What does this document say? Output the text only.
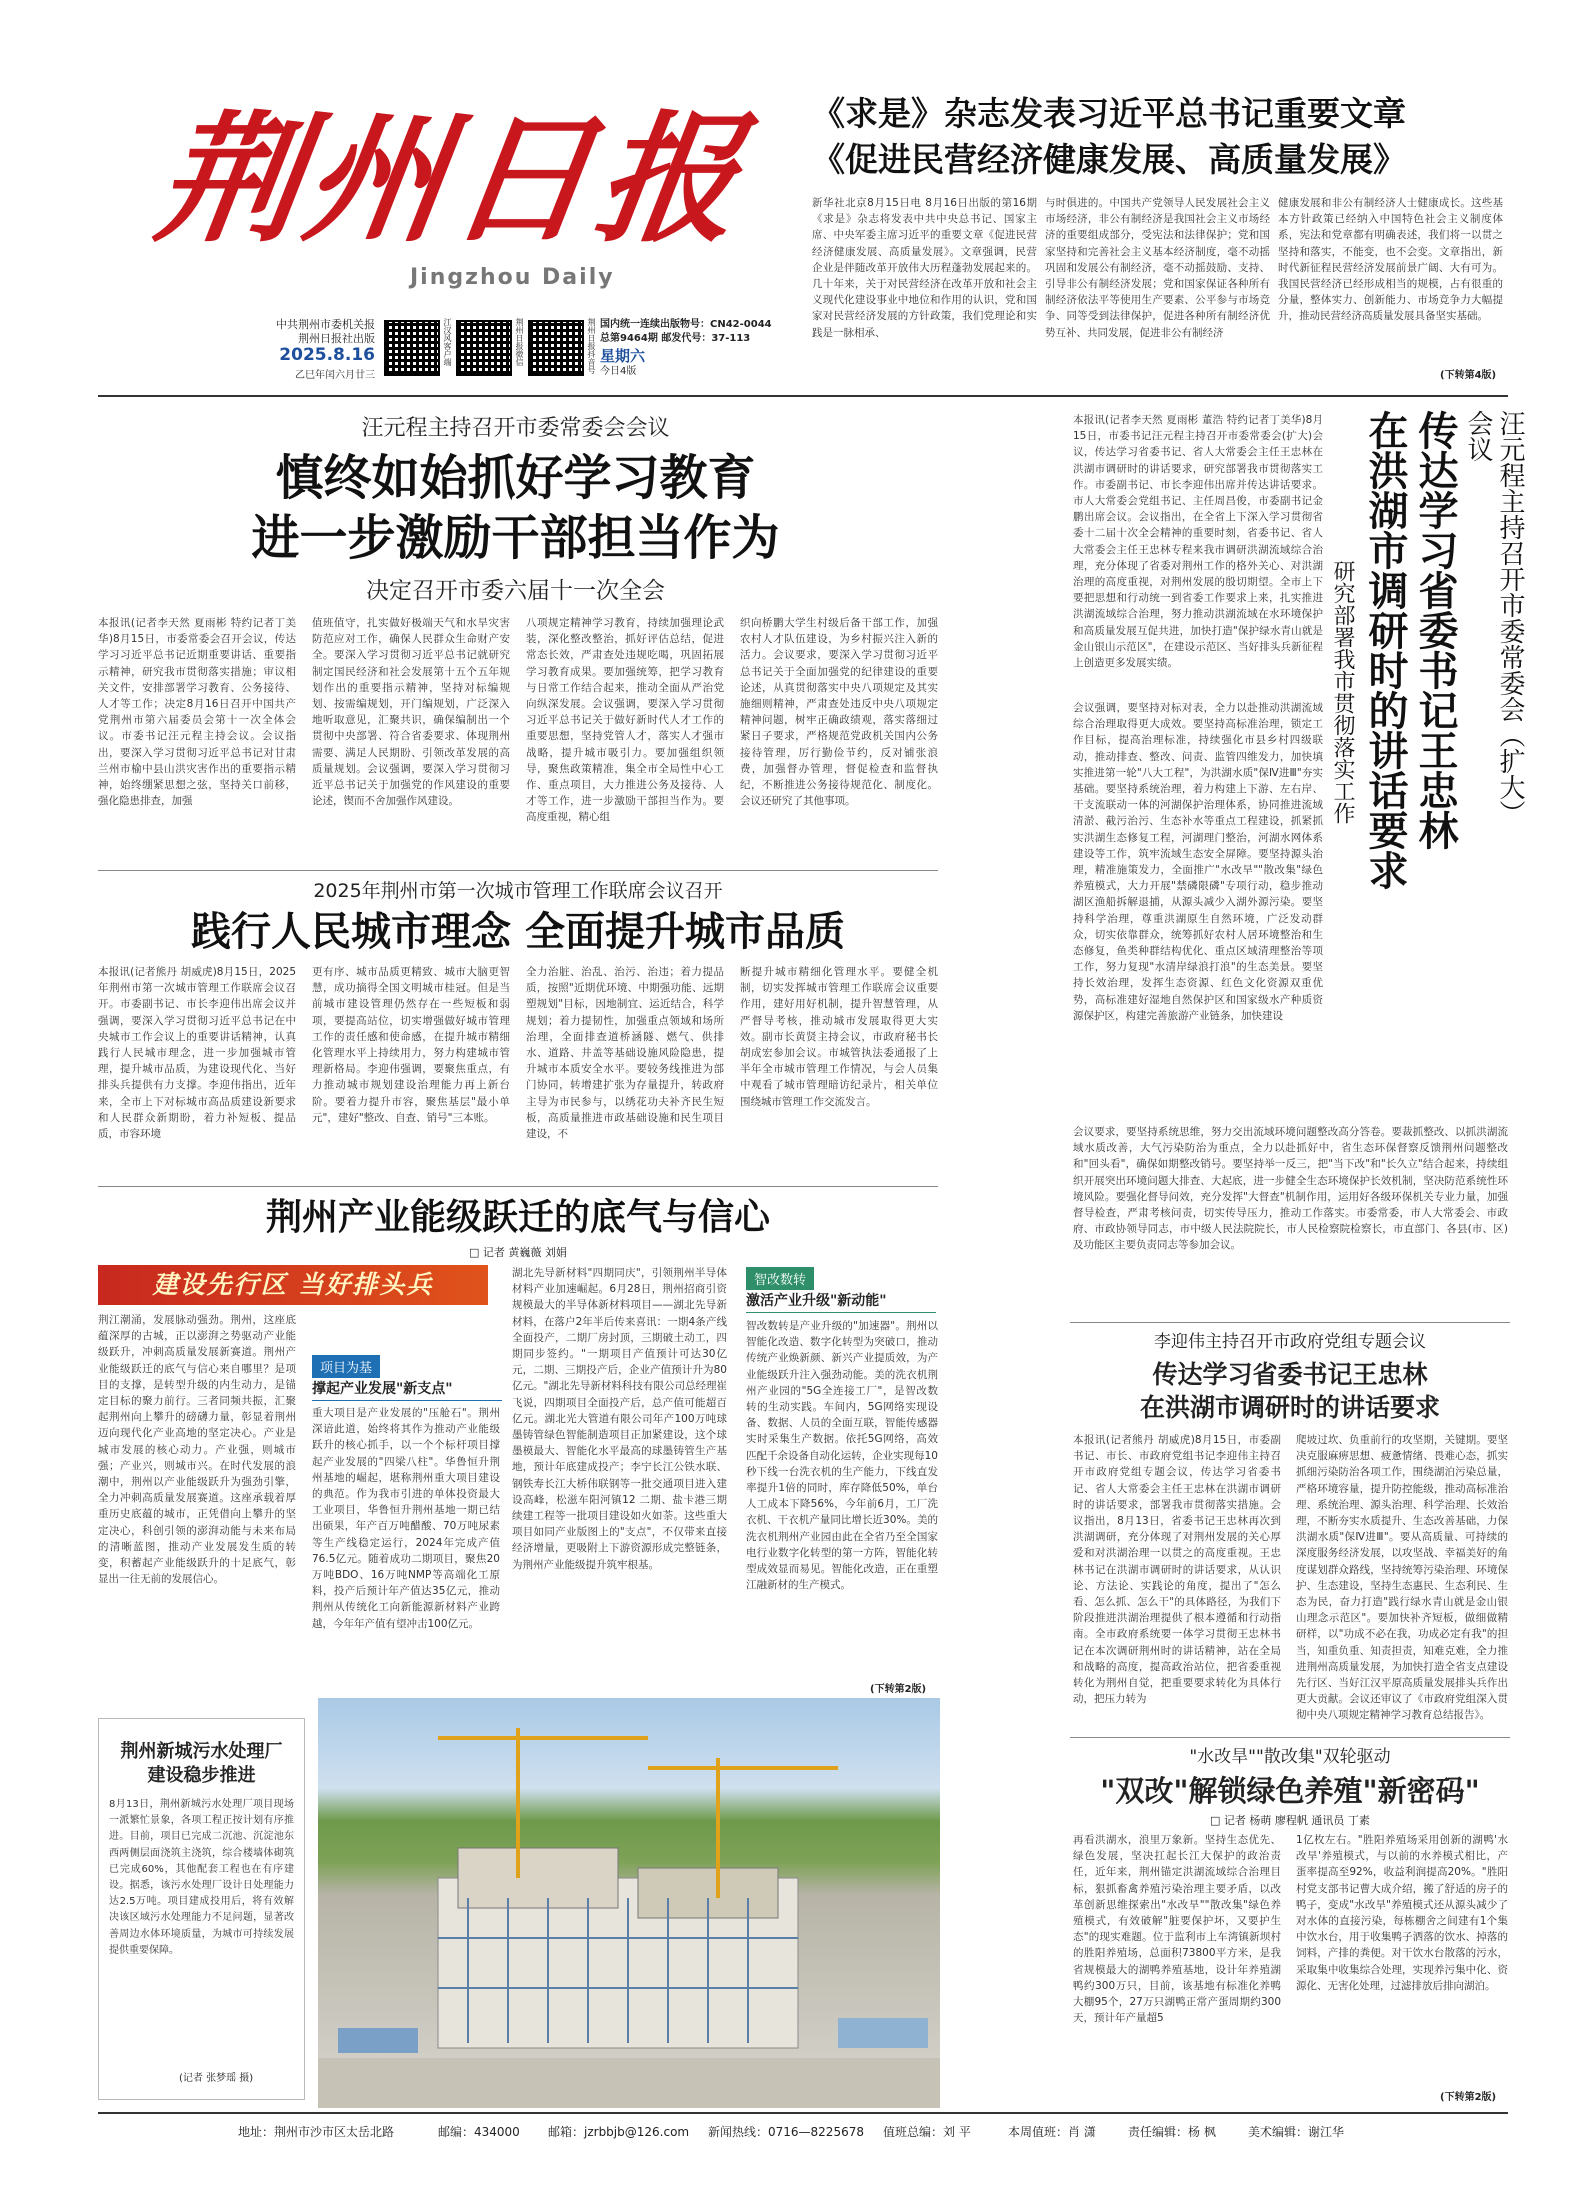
荆州日报
Jingzhou Daily
中共荆州市委机关报
荆州日报社出版
2025.8.16
乙巳年闰六月廿三
江汉风客户端	荆州日报微信	荆州日报抖音号 国内统一连续出版物号：CN42-0044
总第9464期 邮发代号：37-113
星期六
今日4版
《求是》杂志发表习近平总书记重要文章
《促进民营经济健康发展、高质量发展》
新华社北京8月15日电 8月16日出版的第16期《求是》杂志将发表中共中央总书记、国家主席、中央军委主席习近平的重要文章《促进民营经济健康发展、高质量发展》。文章强调，民营企业是伴随改革开放伟大历程蓬勃发展起来的。几十年来，关于对民营经济在改革开放和社会主义现代化建设事业中地位和作用的认识，党和国家对民营经济发展的方针政策，我们党理论和实践是一脉相承、
与时俱进的。中国共产党领导人民发展社会主义市场经济，非公有制经济是我国社会主义市场经济的重要组成部分，受宪法和法律保护；党和国家坚持和完善社会主义基本经济制度，毫不动摇巩固和发展公有制经济，毫不动摇鼓励、支持、引导非公有制经济发展；党和国家保证各种所有制经济依法平等使用生产要素、公平参与市场竞争、同等受到法律保护，促进各种所有制经济优势互补、共同发展，促进非公有制经济
健康发展和非公有制经济人士健康成长。这些基本方针政策已经纳入中国特色社会主义制度体系，宪法和党章都有明确表述，我们将一以贯之坚持和落实，不能变，也不会变。文章指出，新时代新征程民营经济发展前景广阔、大有可为。我国民营经济已经形成相当的规模，占有很重的分量，整体实力、创新能力、市场竞争力大幅提升，推动民营经济高质量发展具备坚实基础。
(下转第4版)
汪元程主持召开市委常委会会议
慎终如始抓好学习教育
进一步激励干部担当作为
决定召开市委六届十一次全会
本报讯(记者李天然 夏雨彬 特约记者丁美华)8月15日，市委常委会召开会议，传达学习习近平总书记近期重要讲话、重要指示精神，研究我市贯彻落实措施；审议相关文件，安排部署学习教育、公务接待、人才等工作；决定8月16日召开中国共产党荆州市第六届委员会第十一次全体会议。市委书记汪元程主持会议。会议指出，要深入学习贯彻习近平总书记对甘肃兰州市榆中县山洪灾害作出的重要指示精神，始终绷紧思想之弦，坚持关口前移，强化隐患排查，加强
值班值守，扎实做好极端天气和水旱灾害防范应对工作，确保人民群众生命财产安全。要深入学习贯彻习近平总书记就研究制定国民经济和社会发展第十五个五年规划作出的重要指示精神，坚持对标编规划、按需编规划，开门编规划，广泛深入地听取意见，汇聚共识，确保编制出一个贯彻中央部署、符合省委要求、体现荆州需要、满足人民期盼、引领改革发展的高质量规划。会议强调，要深入学习贯彻习近平总书记关于加强党的作风建设的重要论述，锲而不舍加强作风建设。
八项规定精神学习教育，持续加强理论武装，深化整改整治，抓好评估总结，促进常态长效，严肃查处违规吃喝，巩固拓展学习教育成果。要加强统筹，把学习教育与日常工作结合起来，推动全面从严治党向纵深发展。会议强调，要深入学习贯彻习近平总书记关于做好新时代人才工作的重要思想，坚持党管人才，落实人才强市战略，提升城市吸引力。要加强组织领导，聚焦政策精准，集全市全局性中心工作、重点项目，大力推进公务及接待、人才等工作，进一步激励干部担当作为。要高度重视，精心组
织向桥鹏大学生村级后备干部工作，加强农村人才队伍建设，为乡村振兴注入新的活力。会议要求，要深入学习贯彻习近平总书记关于全面加强党的纪律建设的重要论述，从真贯彻落实中央八项规定及其实施细则精神，严肃查处违反中央八项规定精神问题，树牢正确政绩观，落实落细过紧日子要求，严格规范党政机关国内公务接待管理，厉行勤俭节约，反对铺张浪费，加强督办管理，督促检查和监督执纪，不断推进公务接待规范化、制度化。会议还研究了其他事项。
2025年荆州市第一次城市管理工作联席会议召开
践行人民城市理念 全面提升城市品质
本报讯(记者熊丹 胡威虎)8月15日，2025年荆州市第一次城市管理工作联席会议召开。市委副书记、市长李迎伟出席会议并强调，要深入学习贯彻习近平总书记在中央城市工作会议上的重要讲话精神，认真践行人民城市理念，进一步加强城市管理，提升城市品质，为建设现代化、当好排头兵提供有力支撑。李迎伟指出，近年来，全市上下对标城市高品质建设新要求和人民群众新期盼，着力补短板、提品质，市容环境
更有序、城市品质更精致、城市大脑更智慧，成功摘得全国文明城市桂冠。但是当前城市建设管理仍然存在一些短板和弱项，要提高站位，切实增强做好城市管理工作的责任感和使命感，在提升城市精细化管理水平上持续用力，努力构建城市管理新格局。李迎伟强调，要聚焦重点，有力推动城市规划建设治理能力再上新台阶。要着力提升市容，聚焦基层"最小单元"，建好"整改、自查、销号"三本账。
全力治脏、治乱、治污、治违；着力提品质，按照"近期优环境、中期强功能、远期塑规划"目标，因地制宜、运近结合，科学规划；着力提韧性，加强重点领域和场所治理，全面排查道桥涵隧、燃气、供排水、道路、井盖等基础设施风险隐患，提升城市本质安全水平。要较务线推进为部门协同，转增建扩张为存量提升，转政府主导为市民参与，以绣花功夫补齐民生短板，高质量推进市政基础设施和民生项目建设，不
断提升城市精细化管理水平。要健全机制，切实发挥城市管理工作联席会议重要作用，建好用好机制，提升智慧管理，从严督导考核，推动城市发展取得更大实效。副市长黄贤主持会议，市政府秘书长胡成宏参加会议。市城管执法委通报了上半年全市城市管理工作情况，与会人员集中观看了城市管理暗访纪录片，相关单位围绕城市管理工作交流发言。
荆州产业能级跃迁的底气与信心
□ 记者 黄巍薇 刘娟
建设先行区 当好排头兵
荆江潮涌，发展脉动强劲。荆州，这座底蕴深厚的古城，正以澎湃之势驱动产业能级跃升，冲刺高质量发展新赛道。荆州产业能级跃迁的底气与信心来自哪里？是项目的支撑，是转型升级的内生动力，是锚定目标的聚力前行。三者同频共振，汇聚起荆州向上攀升的磅礴力量，彰显着荆州迈向现代化产业高地的坚定决心。产业是城市发展的核心动力。产业强，则城市强；产业兴，则城市兴。在时代发展的浪潮中，荆州以产业能级跃升为强劲引擎，全力冲刺高质量发展赛道。这座承载着厚重历史底蕴的城市，正凭借向上攀升的坚定决心，科创引领的澎湃动能与未来布局的清晰蓝图，推动产业发展发生质的转变，积蓄起产业能级跃升的十足底气，彰显出一往无前的发展信心。
项目为基
撑起产业发展"新支点"
重大项目是产业发展的"压舱石"。荆州深谙此道，始终将其作为推动产业能级跃升的核心抓手，以一个个标杆项目撑起产业发展的"四梁八柱"。华鲁恒升荆州基地的崛起，堪称荆州重大项目建设的典范。作为我市引进的单体投资最大工业项目，华鲁恒升荆州基地一期已结出硕果，年产百万吨醋酸、70万吨尿素等生产线稳定运行，2024年完成产值76.5亿元。随着成功二期项目，聚焦20万吨BDO、16万吨NMP等高端化工原料，投产后预计年产值达35亿元，推动荆州从传统化工向新能源新材料产业跨越，今年年产值有望冲击100亿元。
湖北先导新材料"四期同庆"，引领荆州半导体材料产业加速崛起。6月28日，荆州招商引资规模最大的半导体新材料项目——湖北先导新材料，在落户2年半后传来喜讯：一期4条产线全面投产，二期厂房封顶，三期破土动工，四期同步签约。"一期项目产值预计可达30亿元，二期、三期投产后，企业产值预计升为80亿元。"湖北先导新材料科技有限公司总经理崔飞说，四期项目全面投产后，总产值可能超百亿元。湖北光大管道有限公司年产100万吨球墨铸管绿色智能制造项目正加紧建设，这个球墨模最大、智能化水平最高的球墨铸管生产基地，预计年底建成投产；李宁长江公铁水联、钢铁寿长江大桥伟联钢等一批交通项目进入建设高峰，松滋车阳河镇12 二期、盐卡港三期续建工程等一批项目建设如火如荼。这些重大项目如同产业版图上的"支点"，不仅带来直接经济增量，更吸附上下游资源形成完整链条，为荆州产业能级提升筑牢根基。
智改数转
激活产业升级"新动能"
智改数转是产业升级的"加速器"。荆州以智能化改造、数字化转型为突破口，推动传统产业焕新颜、新兴产业提质效，为产业能级跃升注入强劲动能。美的洗衣机荆州产业园的"5G全连接工厂"，是智改数转的生动实践。车间内，5G网络实现设备、数据、人员的全面互联，智能传感器实时采集生产数据。依托5G网络，高效匹配千余设备自动化运转，企业实现每10秒下线一台洗衣机的生产能力，下线直发率提升1倍的同时，库存降低50%，单台人工成本下降56%，今年前6月，工厂洗衣机、干衣机产量同比增长近30%。美的洗衣机荆州产业园由此在全省乃至全国家电行业数字化转型的第一方阵，智能化转型成效显而易见。智能化改造，正在重塑江融新材的生产模式。
(下转第2版)
荆州新城污水处理厂
建设稳步推进
8月13日，荆州新城污水处理厂项目现场一派繁忙景象，各项工程正按计划有序推进。目前，项目已完成二沉池、沉淀池东西两侧层面浇筑主浇筑，综合楼墙体砌筑已完成60%，其他配套工程也在有序建设。据悉，该污水处理厂设计日处理能力达2.5万吨。项目建成投用后，将有效解决该区域污水处理能力不足问题，显著改善周边水体环境质量，为城市可持续发展提供重要保障。
(记者 张梦瑶 摄)
汪元程主持召开市委常委会（扩大）会议
传达学习省委书记王忠林
在洪湖市调研时的讲话要求
研究部署我市贯彻落实工作
本报讯(记者李天然 夏雨彬 董浩 特约记者丁美华)8月15日，市委书记汪元程主持召开市委常委会(扩大)会议，传达学习省委书记、省人大常委会主任王忠林在洪湖市调研时的讲话要求，研究部署我市贯彻落实工作。市委副书记、市长李迎伟出席并传达讲话要求。市人大常委会党组书记、主任周昌俊，市委副书记金鹏出席会议。会议指出，在全省上下深入学习贯彻省委十二届十次全会精神的重要时刻，省委书记、省人大常委会主任王忠林专程来我市调研洪湖流域综合治理，充分体现了省委对荆州工作的格外关心、对洪湖治理的高度重视，对荆州发展的殷切期望。全市上下要把思想和行动统一到省委工作要求上来，扎实推进洪湖流域综合治理，努力推动洪湖流域在水环境保护和高质量发展互促共进，加快打造"保护绿水青山就是金山银山示范区"，在建设示范区、当好排头兵新征程上创造更多发展实绩。
会议强调，要坚持对标对表，全力以赴推动洪湖流域综合治理取得更大成效。要坚持高标准治理，锁定工作目标，提高治理标准，持续强化市县乡村四级联动，推动排查、整改、问责、监管四维发力，加快填实推进第一轮"八大工程"，为洪湖水质"保Ⅳ进Ⅲ"夯实基础。要坚持系统治理，着力构建上下游、左右岸、干支流联动一体的河湖保护治理体系，协同推进流域清淤、截污治污、生态补水等重点工程建设，抓紧抓实洪湖生态修复工程，河湖理门整治，河湖水网体系建设等工作，筑牢流域生态安全屏障。要坚持源头治理，精准施策发力，全面推广"水改旱""散改集"绿色养殖模式，大力开展"禁磷限磷"专项行动，稳步推动湖区渔船拆解退捕，从源头减少入湖外源污染。要坚持科学治理，尊重洪湖原生自然环境，广泛发动群众，切实依靠群众，统筹抓好农村人居环境整治和生态修复，鱼类种群结构优化、重点区域清理整治等项工作，努力复现"水清岸绿浪打浪"的生态美景。要坚持长效治理，发挥生态资源、红色文化资源双重优势，高标准建好湿地自然保护区和国家级水产种质资源保护区，构建完善旅游产业链条，加快建设
会议要求，要坚持系统思维，努力交出流域环境问题整改高分答卷。要裁抓整改、以抓洪湖流域水质改善，大气污染防治为重点，全力以赴抓好中，省生态环保督察反馈荆州问题整改和"回头看"，确保如期整改销号。要坚持举一反三，把"当下改"和"长久立"结合起来，持续组织开展突出环境问题大排查、大起底，进一步健全生态环境保护长效机制，坚决防范系统性环境风险。要强化督导问效，充分发挥"大督查"机制作用，运用好各级环保机关专业力量，加强督导检查，严肃考核问责，切实传导压力，推动工作落实。市委常委，市人大常委会、市政府、市政协领导同志，市中级人民法院院长，市人民检察院检察长，市直部门、各县(市、区)及功能区主要负责同志等参加会议。
李迎伟主持召开市政府党组专题会议
传达学习省委书记王忠林
在洪湖市调研时的讲话要求
本报讯(记者熊丹 胡威虎)8月15日，市委副书记、市长、市政府党组书记李迎伟主持召开市政府党组专题会议，传达学习省委书记、省人大常委会主任王忠林在洪湖市调研时的讲话要求，部署我市贯彻落实措施。会议指出，8月13日，省委书记王忠林再次到洪湖调研，充分体现了对荆州发展的关心厚爱和对洪湖治理一以贯之的高度重视。王忠林书记在洪湖市调研时的讲话要求，从认识论、方法论、实践论的角度，提出了"怎么看、怎么抓、怎么干"的具体路径，为我们下阶段推进洪湖治理提供了根本遵循和行动指南。全市政府系统要一体学习贯彻王忠林书记在本次调研荆州时的讲话精神，站在全局和战略的高度，提高政治站位，把省委重视转化为荆州自觉，把重要要求转化为具体行动，把压力转为
爬坡过坎、负重前行的攻坚期，关键期。要坚决克服麻痹思想、疲惫情绪、畏难心态，抓实抓细污染防治各项工作，围绕湖泊污染总量，严格环境容量，提升防控能级，推动高标准治理、系统治理、源头治理、科学治理、长效治理，不断夯实水质提升、生态改善基础，力保洪湖水质"保Ⅳ进Ⅲ"。要从高质量、可持续的深度服务经济发展，以攻坚战、幸福美好的角度谋划群众路线，坚持统筹污染治理、环境保护、生态建设，坚持生态惠民、生态利民、生态为民，奋力打造"践行绿水青山就是金山银山理念示范区"。要加快补齐短板，做细做精研样，以"功成不必在我，功成必定有我"的担当，知重负重、知责担责，知难克难，全力推进荆州高质量发展，为加快打造全省支点建设先行区、当好江汉平原高质量发展排头兵作出更大贡献。会议还审议了《市政府党组深入贯彻中央八项规定精神学习教育总结报告》。
"水改旱""散改集"双轮驱动
"双改"解锁绿色养殖"新密码"
□ 记者 杨萌 廖程帆 通讯员 丁素
再看洪湖水，浪里万象新。坚持生态优先、绿色发展，坚决扛起长江大保护的政治责任，近年来，荆州锚定洪湖流域综合治理目标，狠抓畜禽养殖污染治理主要矛盾，以改革创新思维探索出"水改旱""散改集"绿色养殖模式，有效破解"脏要保护坏，又要护生态"的现实难题。位于监利市上车湾镇新坝村的胜阳养殖场，总面积73800平方米，是我省规模最大的湖鸭养殖基地，设计年养殖湖鸭约300万只，目前，该基地有标准化养鸭大棚95个，27万只湖鸭正常产蛋周期约300天，预计年产量超5
1亿枚左右。"胜阳养殖场采用创新的湖鸭'水改旱'养殖模式，与以前的水养模式相比，产蛋率提高至92%，收益利润提高20%。"胜阳村党支部书记曹大成介绍，搬了舒适的房子的鸭子，变成"水改旱"养殖模式还从源头减少了对水体的直接污染，每栋棚舍之间建有1个集中饮水台，用于收集鸭子洒落的饮水、掉落的饲料，产排的粪便。对干饮水台散落的污水，采取集中收集综合处理，实现养污集中化、资源化、无害化处理，过滤排放后排向湖泊。
(下转第2版)
地址：荆州市沙市区太岳北路	邮编：434000 邮箱：jzrbbjb@126.com 新闻热线：0716—8225678 值班总编：刘 平	本周值班：肖 潇	责任编辑：杨 枫	美术编辑：谢江华
